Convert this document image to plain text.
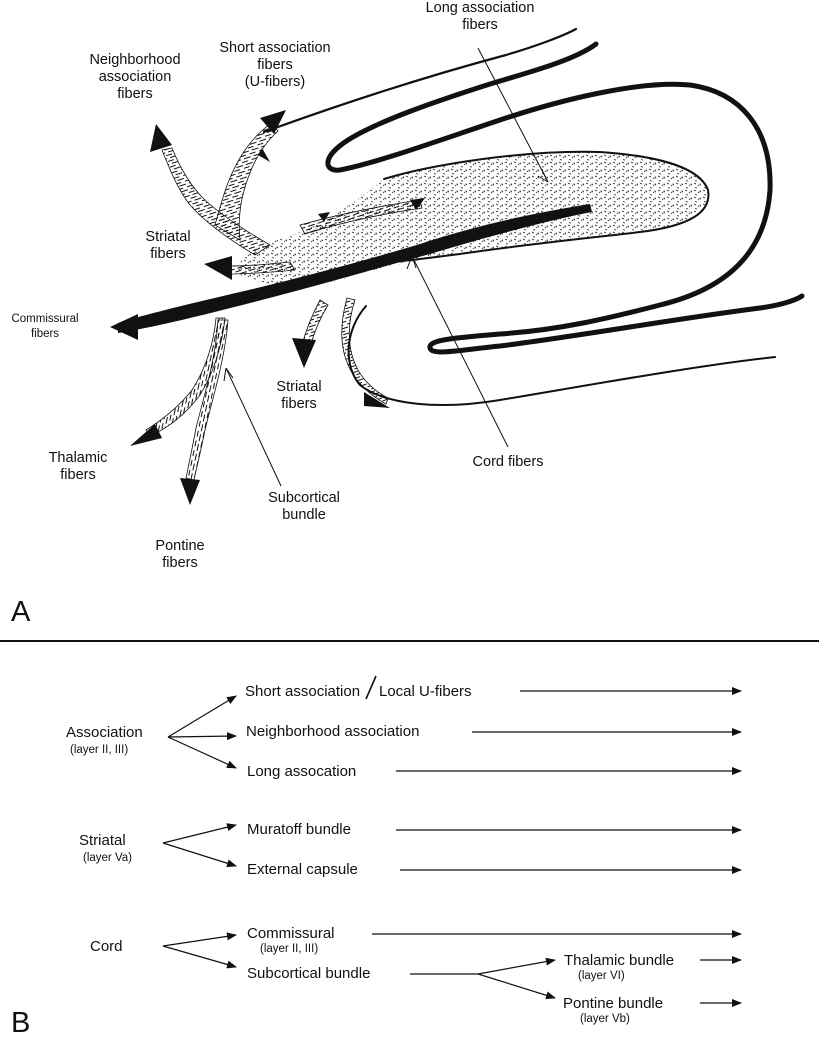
Long association
fibers
Short association
fibers
(U-fibers)
Neighborhood
association
fibers
Striatal
fibers
Commissural
fibers
Striatal
fibers
Cord fibers
Thalamic
fibers
Subcortical
bundle
Pontine
fibers
A
Association
(layer II, III)
Short association Local U-fibers
Neighborhood association
Long assocation
Striatal
(layer Va)
Muratoff bundle
External capsule
Cord
Commissural
(layer II, III)
Subcortical bundle
Thalamic bundle
(layer VI)
Pontine bundle
(layer Vb)
B
